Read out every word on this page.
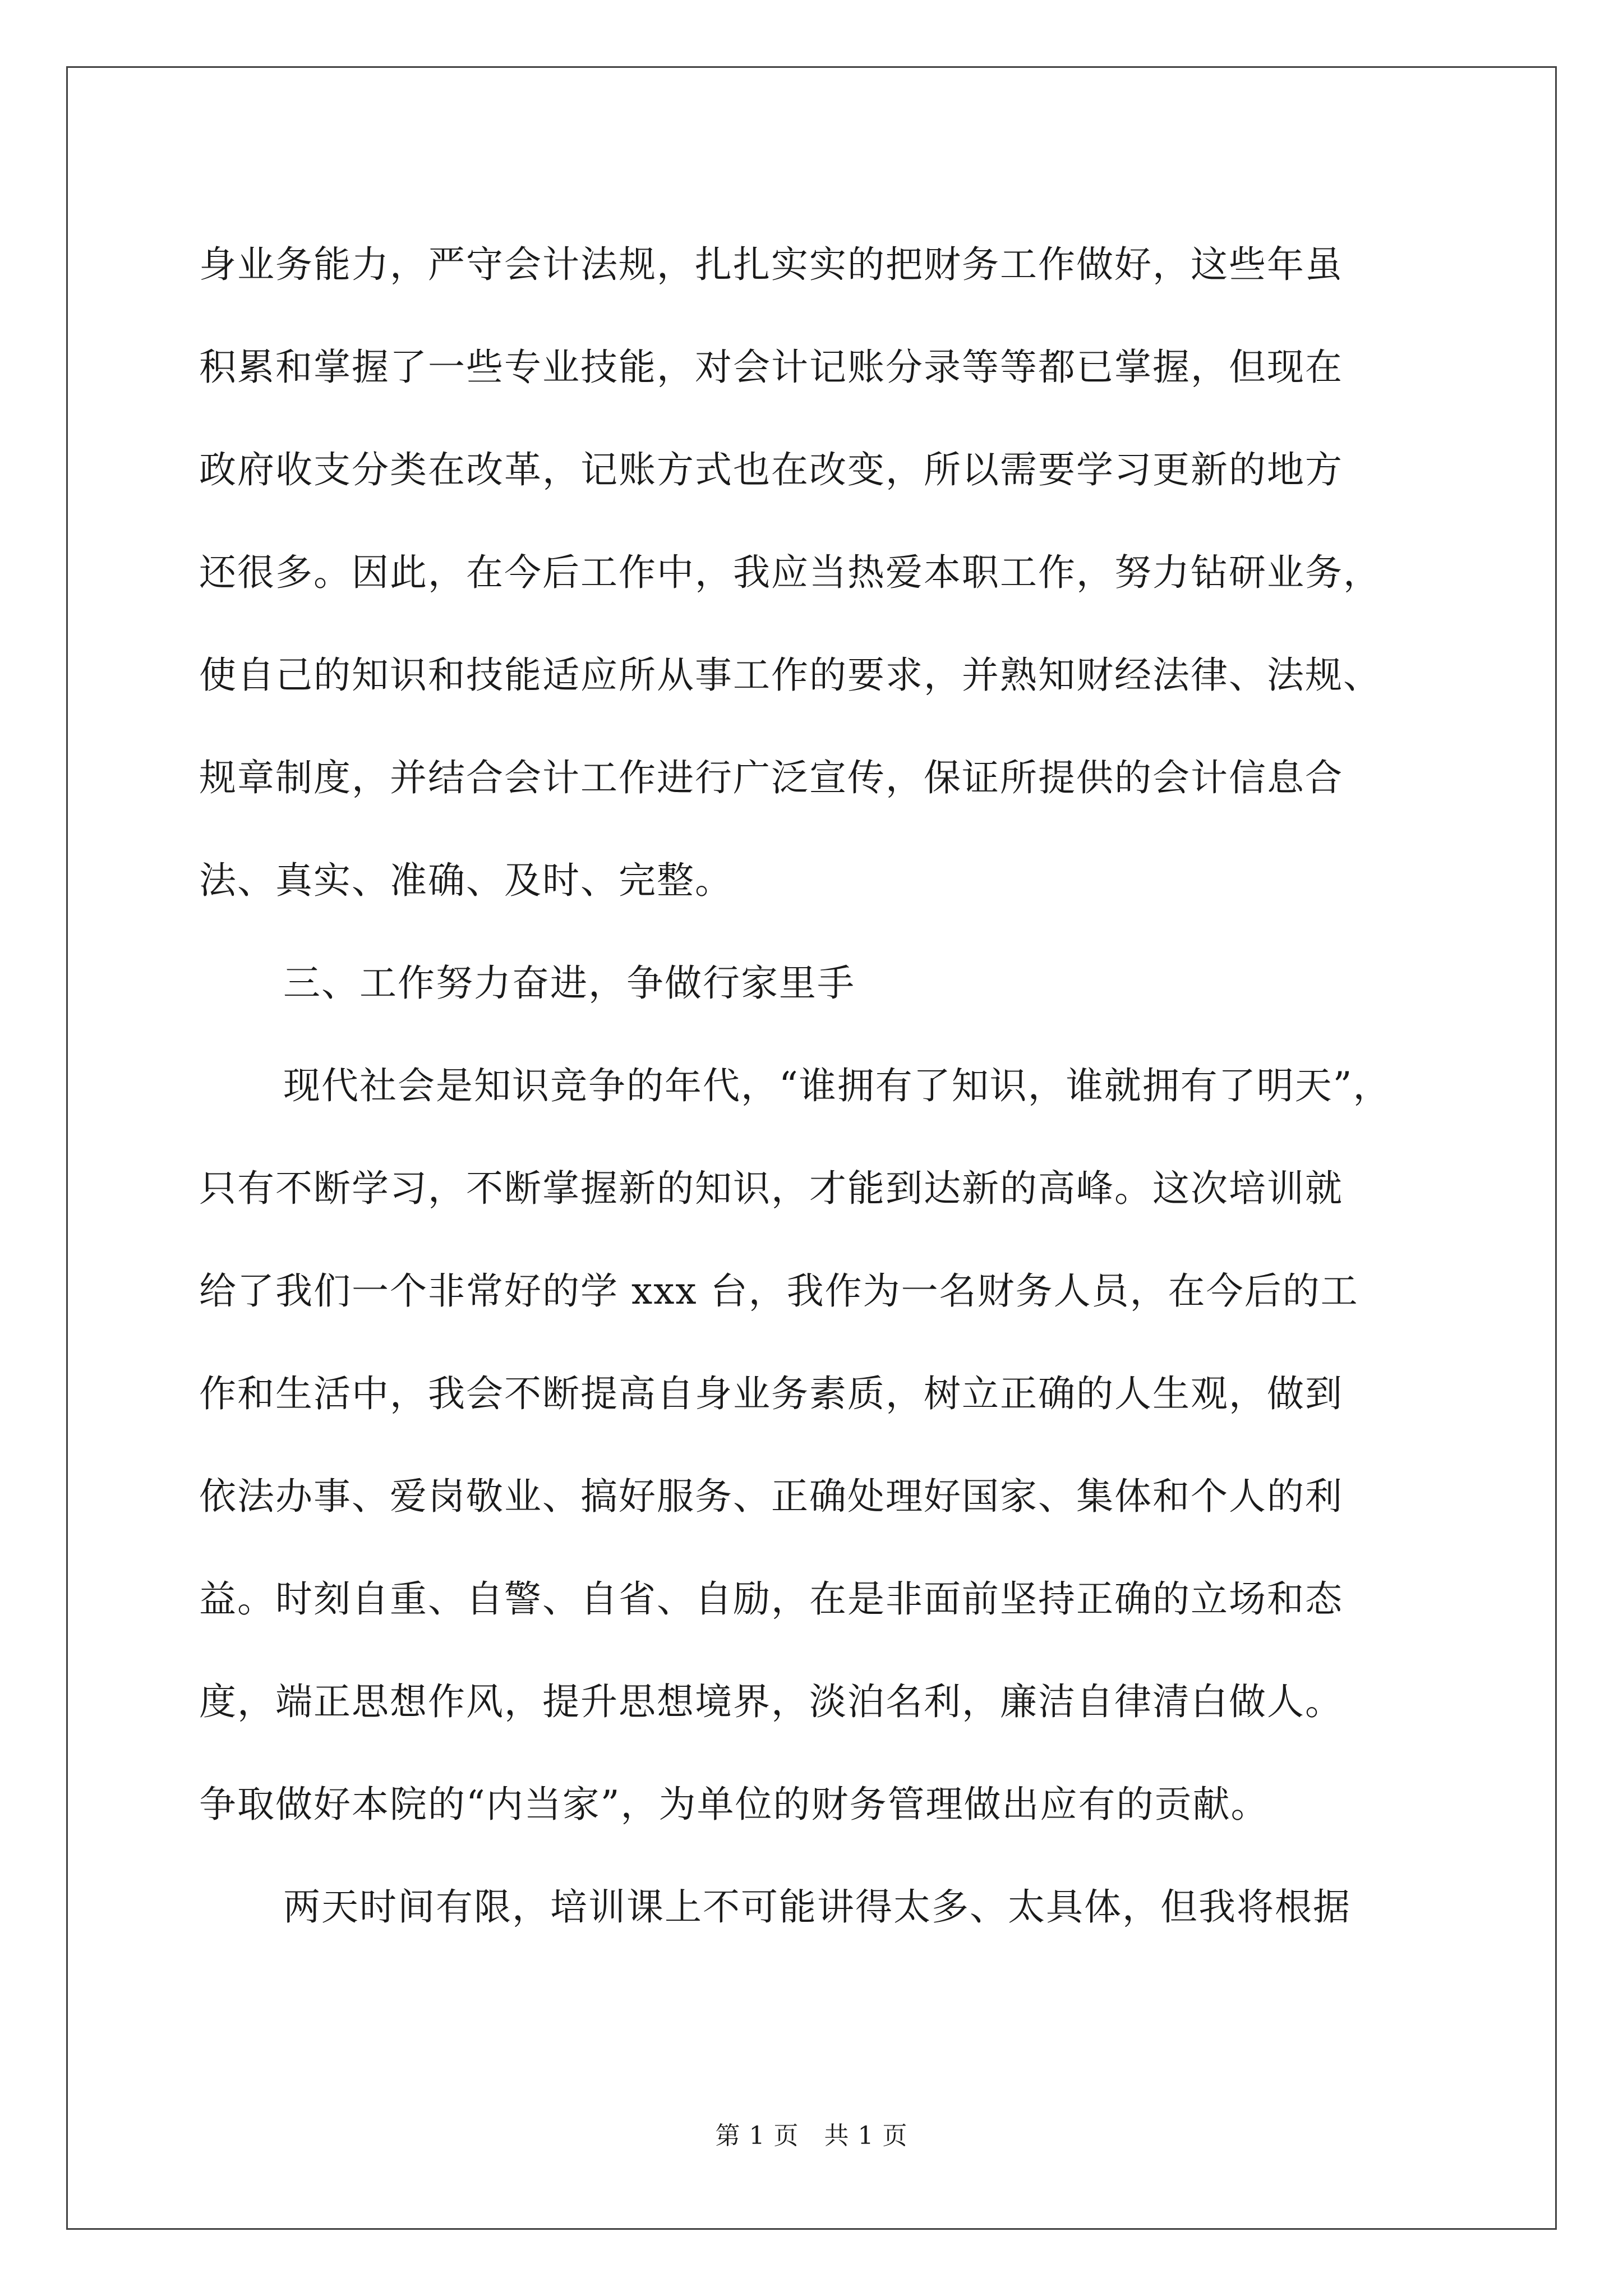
身业务能力，严守会计法规，扎扎实实的把财务工作做好，这些年虽
积累和掌握了一些专业技能，对会计记账分录等等都已掌握，但现在
政府收支分类在改革，记账方式也在改变，所以需要学习更新的地方
还很多。因此，在今后工作中，我应当热爱本职工作，努力钻研业务，
使自己的知识和技能适应所从事工作的要求，并熟知财经法律、法规、
规章制度，并结合会计工作进行广泛宣传，保证所提供的会计信息合
法、真实、准确、及时、完整。
三、工作努力奋进，争做行家里手
现代社会是知识竞争的年代，“谁拥有了知识，谁就拥有了明天”，
只有不断学习，不断掌握新的知识，才能到达新的高峰。这次培训就
给了我们一个非常好的学 xxx 台，我作为一名财务人员，在今后的工
作和生活中，我会不断提高自身业务素质，树立正确的人生观，做到
依法办事、爱岗敬业、搞好服务、正确处理好国家、集体和个人的利
益。时刻自重、自警、自省、自励，在是非面前坚持正确的立场和态
度，端正思想作风，提升思想境界，淡泊名利，廉洁自律清白做人。
争取做好本院的“内当家”，为单位的财务管理做出应有的贡献。
两天时间有限，培训课上不可能讲得太多、太具体，但我将根据
第 1 页　共 1 页
